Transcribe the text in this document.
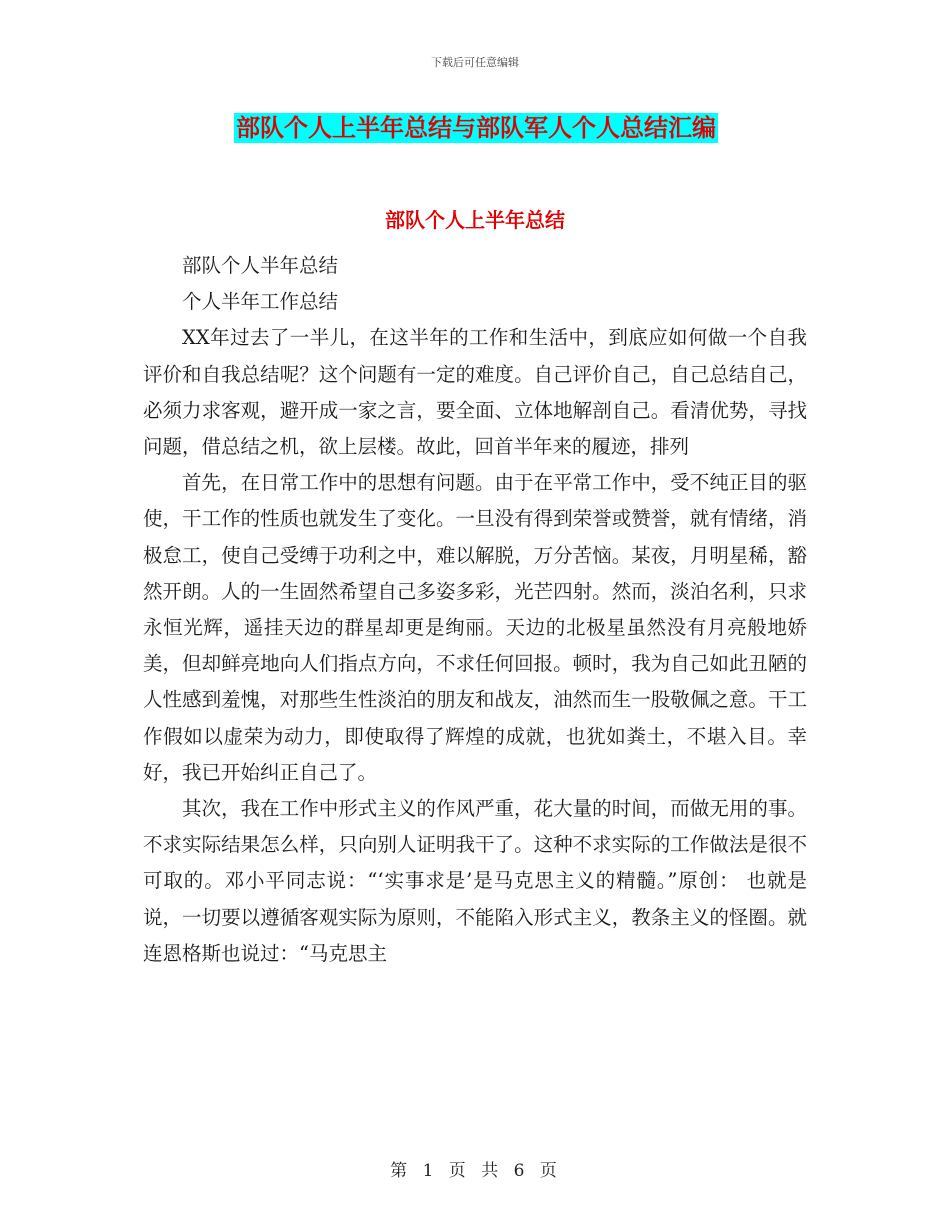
下载后可任意编辑
部队个人上半年总结与部队军人个人总结汇编
部队个人上半年总结

部队个人半年总结

个人半年工作总结

XX年过去了一半儿，在这半年的工作和生活中，到底应如何做一个自我评价和自我总结呢？这个问题有一定的难度。自己评价自己，自己总结自己，必须力求客观，避开成一家之言，要全面、立体地解剖自己。看清优势，寻找问题，借总结之机，欲上层楼。故此，回首半年来的履迹，排列

首先，在日常工作中的思想有问题。由于在平常工作中，受不纯正目的驱使，干工作的性质也就发生了变化。一旦没有得到荣誉或赞誉，就有情绪，消极怠工，使自己受缚于功利之中，难以解脱，万分苦恼。某夜，月明星稀，豁然开朗。人的一生固然希望自己多姿多彩，光芒四射。然而，淡泊名利，只求永恒光辉，遥挂天边的群星却更是绚丽。天边的北极星虽然没有月亮般地娇美，但却鲜亮地向人们指点方向，不求任何回报。顿时，我为自己如此丑陋的人性感到羞愧，对那些生性淡泊的朋友和战友，油然而生一股敬佩之意。干工作假如以虚荣为动力，即使取得了辉煌的成就，也犹如粪土，不堪入目。幸好，我已开始纠正自己了。

其次，我在工作中形式主义的作风严重，花大量的时间，而做无用的事。不求实际结果怎么样，只向别人证明我干了。这种不求实际的工作做法是很不可取的。邓小平同志说：“‘实事求是’是马克思主义的精髓。”原创： 也就是说，一切要以遵循客观实际为原则，不能陷入形式主义，教条主义的怪圈。就连恩格斯也说过：“马克思主

第 1 页 共 6 页
